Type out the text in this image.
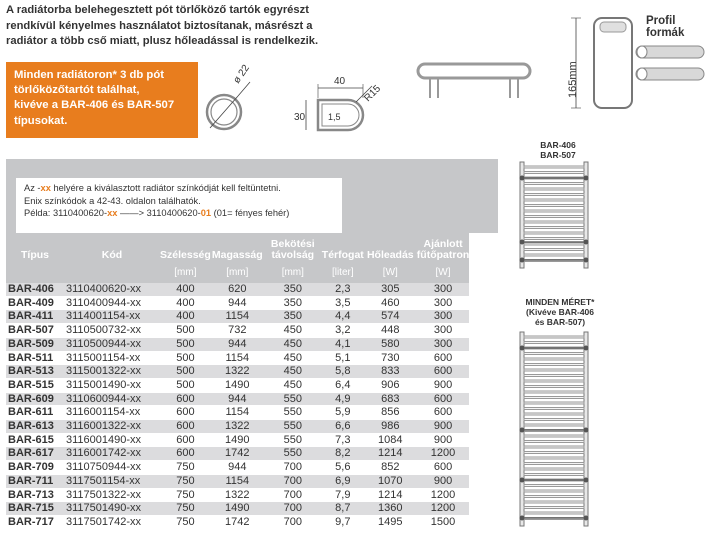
A radiátorba belehegesztett pót törlőköző tartók egyrészt rendkívül kényelmes használatot biztosítanak, másrészt a radiátor a több cső miatt, plusz hőleadással is rendelkezik.
Minden radiátoron* 3 db pót
törlőközőtartót találhat,
kivéve a BAR-406 és BAR-507
típusokat.
ø 22	40
30
R15
1,5
165mm
Profil formák
Az -xx helyére a kiválasztott radiátor színkódját kell feltüntetni.
Enix színkódok a 42-43. oldalon találhatók.
Példa: 3110400620-xx ——> 3110400620-01 (01= fényes fehér)
Típus	Kód	Szélesség	Magasság	Bekötési távolság	Térfogat	Hőleadás	Ajánlott fűtőpatron
		[mm]	[mm]	[mm]	[liter]	[W]	[W]
BAR-406	3110400620-xx	400	620	350	2,3	305	300
BAR-409	3110400944-xx	400	944	350	3,5	460	300
BAR-411	3114001154-xx	400	1154	350	4,4	574	300
BAR-507	3110500732-xx	500	732	450	3,2	448	300
BAR-509	3110500944-xx	500	944	450	4,1	580	300
BAR-511	3115001154-xx	500	1154	450	5,1	730	600
BAR-513	3115001322-xx	500	1322	450	5,8	833	600
BAR-515	3115001490-xx	500	1490	450	6,4	906	900
BAR-609	3110600944-xx	600	944	550	4,9	683	600
BAR-611	3116001154-xx	600	1154	550	5,9	856	600
BAR-613	3116001322-xx	600	1322	550	6,6	986	900
BAR-615	3116001490-xx	600	1490	550	7,3	1084	900
BAR-617	3116001742-xx	600	1742	550	8,2	1214	1200
BAR-709	3110750944-xx	750	944	700	5,6	852	600
BAR-711	3117501154-xx	750	1154	700	6,9	1070	900
BAR-713	3117501322-xx	750	1322	700	7,9	1214	1200
BAR-715	3117501490-xx	750	1490	700	8,7	1360	1200
BAR-717	3117501742-xx	750	1742	700	9,7	1495	1500
BAR-406
BAR-507
MINDEN MÉRET*
(Kivéve BAR-406
és BAR-507)
